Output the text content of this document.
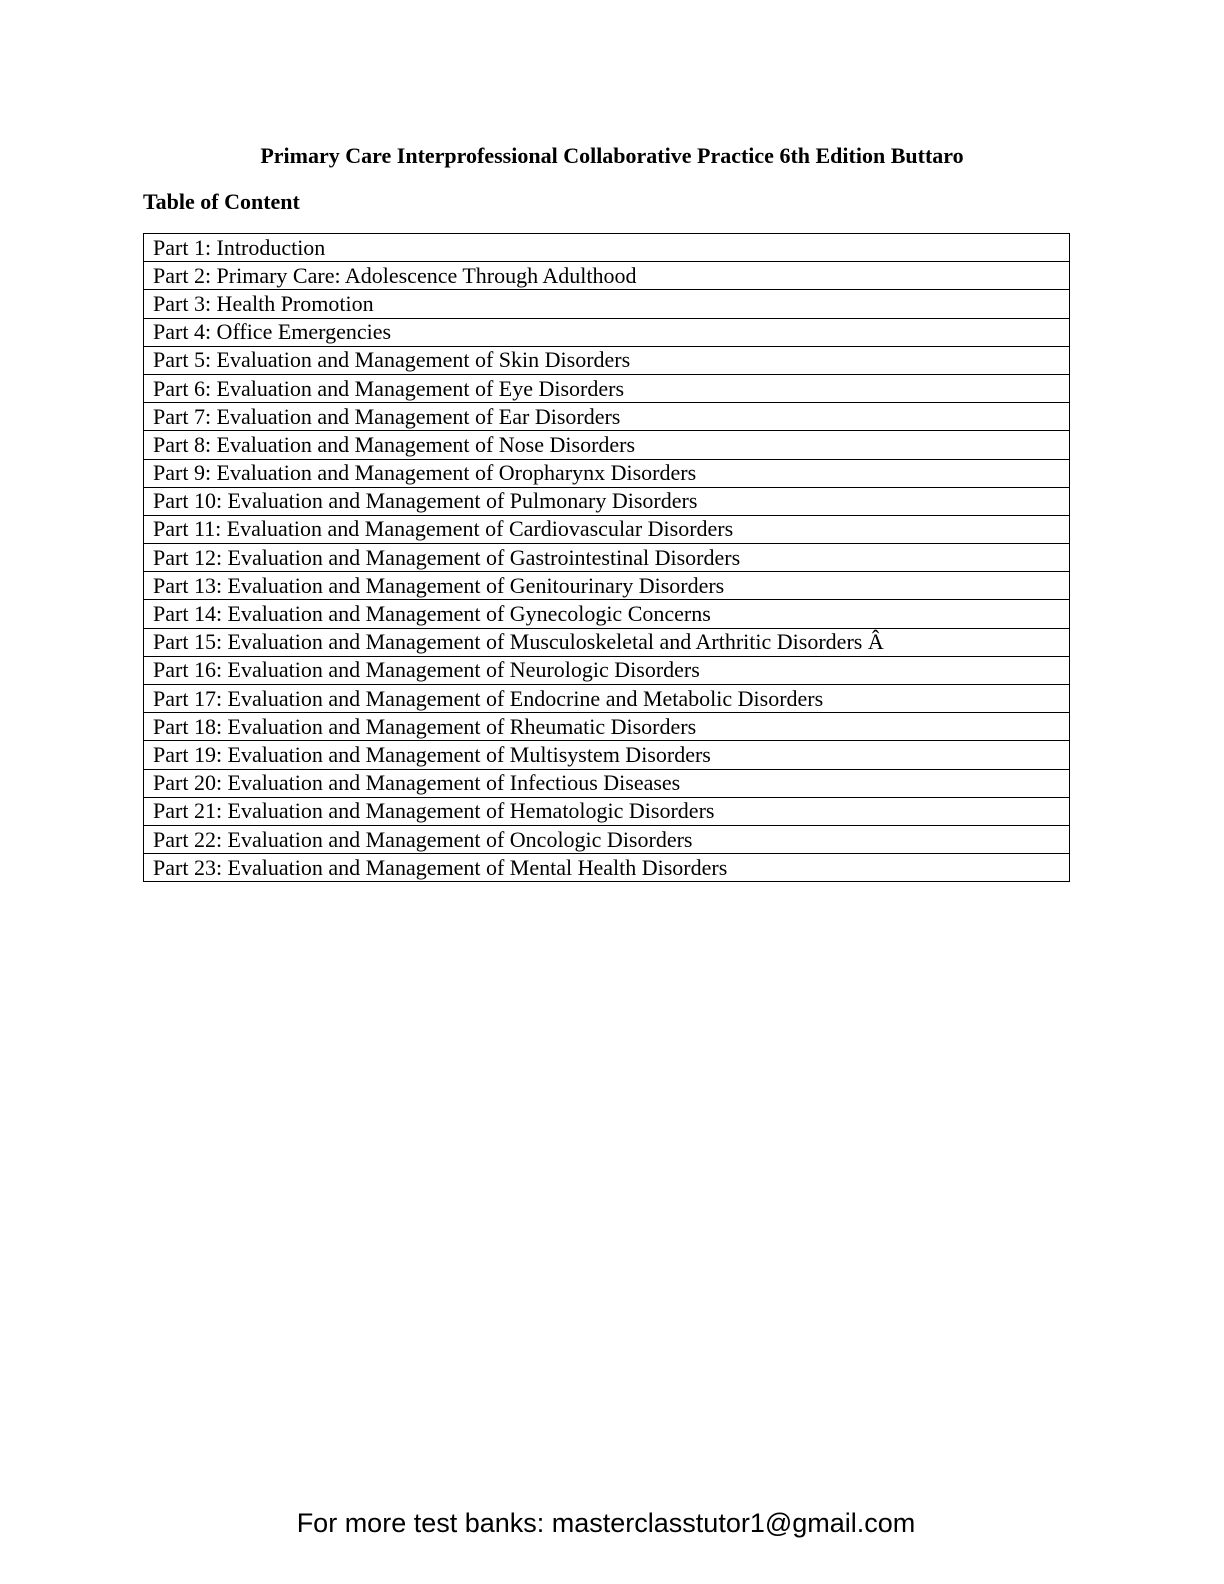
Primary Care Interprofessional Collaborative Practice 6th Edition Buttaro
Table of Content
Part 1: Introduction
Part 2: Primary Care: Adolescence Through Adulthood
Part 3: Health Promotion
Part 4: Office Emergencies
Part 5: Evaluation and Management of Skin Disorders
Part 6: Evaluation and Management of Eye Disorders
Part 7: Evaluation and Management of Ear Disorders
Part 8: Evaluation and Management of Nose Disorders
Part 9: Evaluation and Management of Oropharynx Disorders
Part 10: Evaluation and Management of Pulmonary Disorders
Part 11: Evaluation and Management of Cardiovascular Disorders
Part 12: Evaluation and Management of Gastrointestinal Disorders
Part 13: Evaluation and Management of Genitourinary Disorders
Part 14: Evaluation and Management of Gynecologic Concerns
Part 15: Evaluation and Management of Musculoskeletal and Arthritic Disorders Â
Part 16: Evaluation and Management of Neurologic Disorders
Part 17: Evaluation and Management of Endocrine and Metabolic Disorders
Part 18: Evaluation and Management of Rheumatic Disorders
Part 19: Evaluation and Management of Multisystem Disorders
Part 20: Evaluation and Management of Infectious Diseases
Part 21: Evaluation and Management of Hematologic Disorders
Part 22: Evaluation and Management of Oncologic Disorders
Part 23: Evaluation and Management of Mental Health Disorders
For more test banks: masterclasstutor1@gmail.com
